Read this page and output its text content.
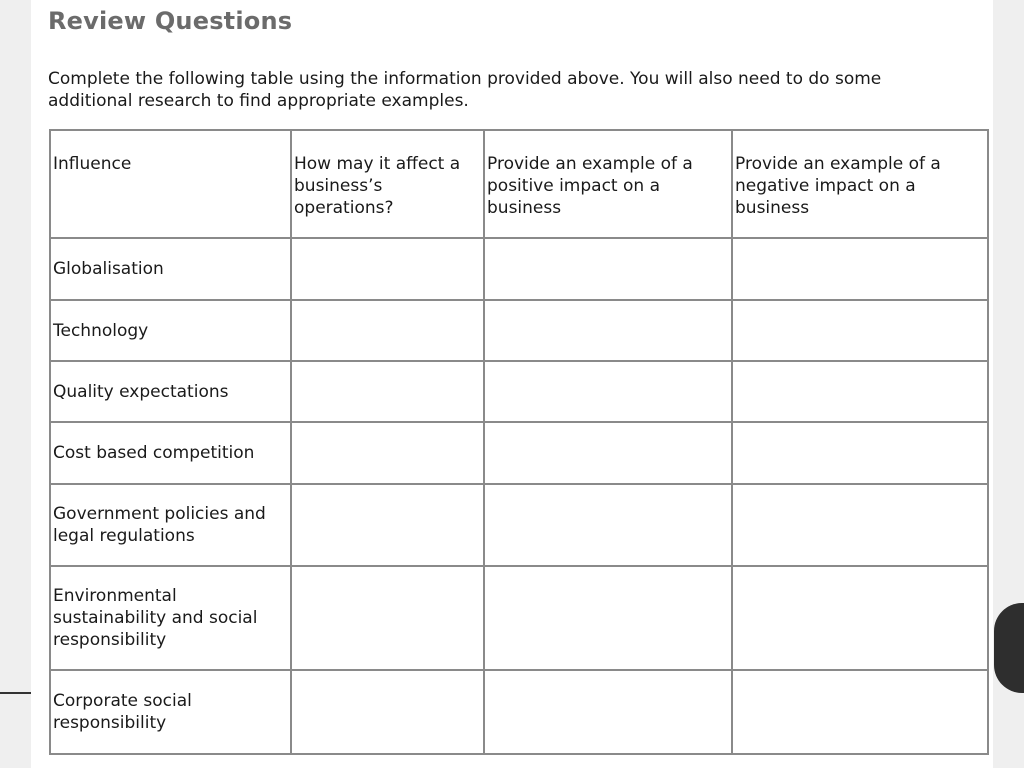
Review Questions

Complete the following table using the information provided above. You will also need to do some additional research to find appropriate examples.

Influence	How may it affect a business’s operations?	Provide an example of a positive impact on a business	Provide an example of a negative impact on a business
Globalisation			
Technology			
Quality expectations			
Cost based competition			
Government policies and legal regulations			
Environmental sustainability and social responsibility			
Corporate social responsibility			
